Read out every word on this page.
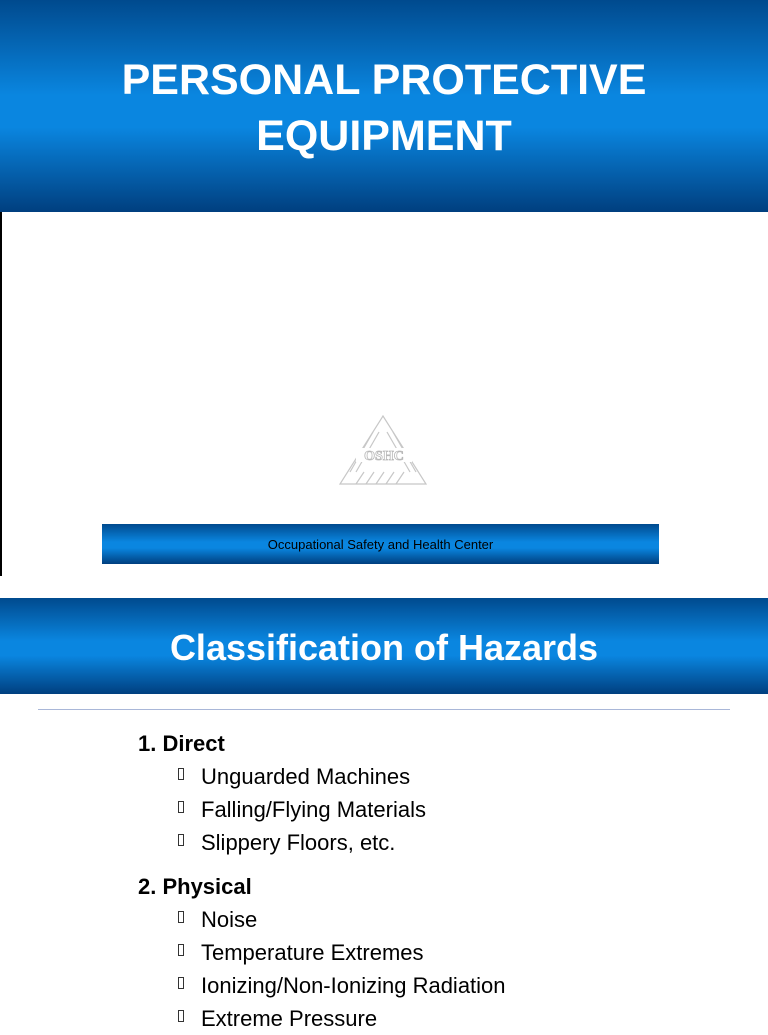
PERSONAL PROTECTIVE
EQUIPMENT
OSHC
Occupational Safety and Health Center
Classification of Hazards
1. Direct
Unguarded Machines
Falling/Flying Materials
Slippery Floors, etc.
2. Physical
Noise
Temperature Extremes
Ionizing/Non-Ionizing Radiation
Extreme Pressure
